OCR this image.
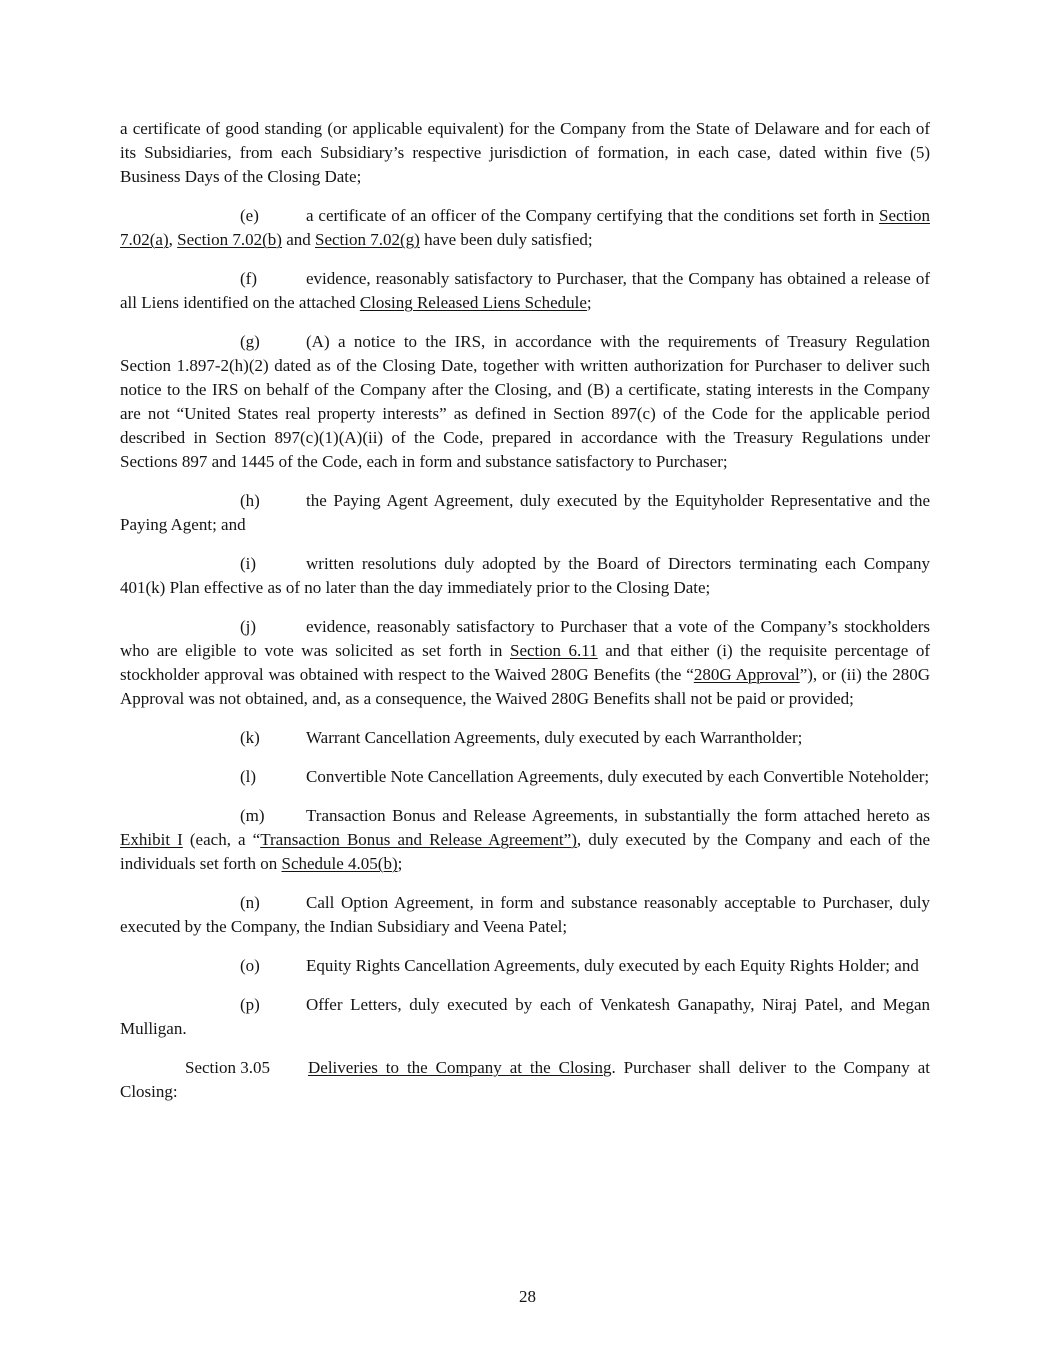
a certificate of good standing (or applicable equivalent) for the Company from the State of Delaware and for each of its Subsidiaries, from each Subsidiary’s respective jurisdiction of formation, in each case, dated within five (5) Business Days of the Closing Date;

(e)	a certificate of an officer of the Company certifying that the conditions set forth in Section 7.02(a), Section 7.02(b) and Section 7.02(g) have been duly satisfied;

(f)	evidence, reasonably satisfactory to Purchaser, that the Company has obtained a release of all Liens identified on the attached Closing Released Liens Schedule;

(g)	(A) a notice to the IRS, in accordance with the requirements of Treasury Regulation Section 1.897-2(h)(2) dated as of the Closing Date, together with written authorization for Purchaser to deliver such notice to the IRS on behalf of the Company after the Closing, and (B) a certificate, stating interests in the Company are not “United States real property interests” as defined in Section 897(c) of the Code for the applicable period described in Section 897(c)(1)(A)(ii) of the Code, prepared in accordance with the Treasury Regulations under Sections 897 and 1445 of the Code, each in form and substance satisfactory to Purchaser;

(h)	the Paying Agent Agreement, duly executed by the Equityholder Representative and the Paying Agent; and

(i)	written resolutions duly adopted by the Board of Directors terminating each Company 401(k) Plan effective as of no later than the day immediately prior to the Closing Date;

(j)	evidence, reasonably satisfactory to Purchaser that a vote of the Company’s stockholders who are eligible to vote was solicited as set forth in Section 6.11 and that either (i) the requisite percentage of stockholder approval was obtained with respect to the Waived 280G Benefits (the “280G Approval”), or (ii) the 280G Approval was not obtained, and, as a consequence, the Waived 280G Benefits shall not be paid or provided;

(k)	Warrant Cancellation Agreements, duly executed by each Warrantholder;

(l)	Convertible Note Cancellation Agreements, duly executed by each Convertible Noteholder;

(m) Transaction Bonus and Release Agreements, in substantially the form attached hereto as Exhibit I (each, a “Transaction Bonus and Release Agreement”), duly executed by the Company and each of the individuals set forth on Schedule 4.05(b);

(n)	Call Option Agreement, in form and substance reasonably acceptable to Purchaser, duly executed by the Company, the Indian Subsidiary and Veena Patel;

(o)	Equity Rights Cancellation Agreements, duly executed by each Equity Rights Holder; and

(p)	Offer Letters, duly executed by each of Venkatesh Ganapathy, Niraj Patel, and Megan Mulligan.

Section 3.05 Deliveries to the Company at the Closing. Purchaser shall deliver to the Company at Closing:

28
